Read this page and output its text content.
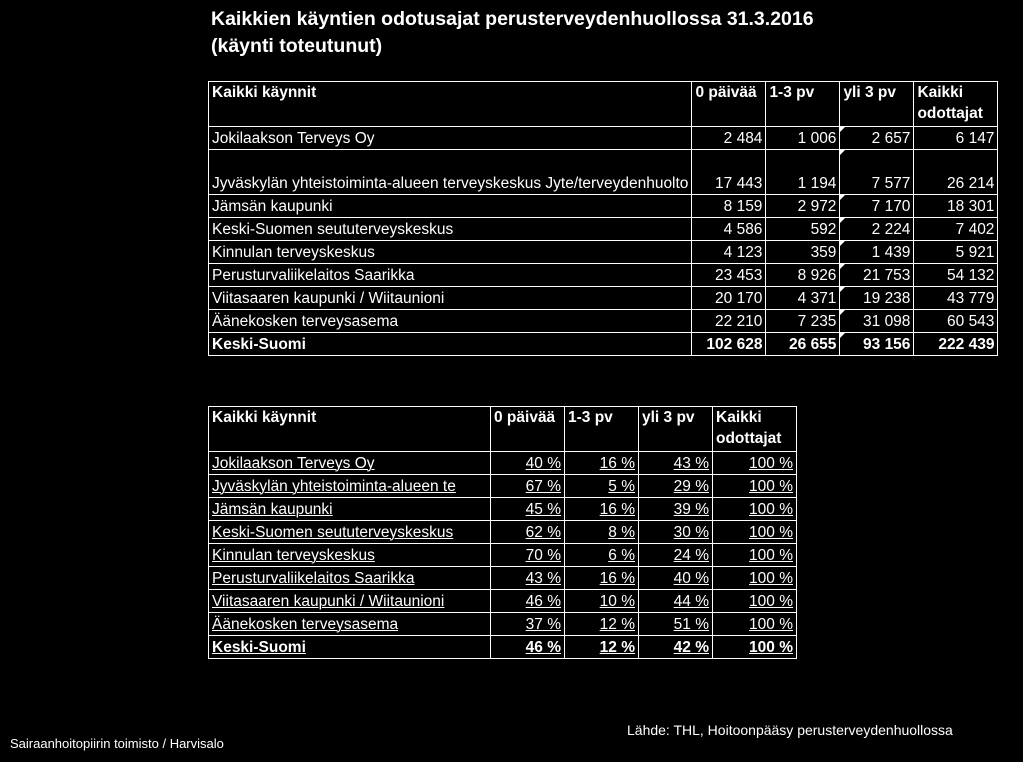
Kaikkien käyntien odotusajat perusterveydenhuollossa 31.3.2016
(käynti toteutunut)
Kaikki käynnit	0 päivää	1-3 pv	yli 3 pv	Kaikki
odottajat
Jokilaakson Terveys Oy	2 484	1 006	2 657	6 147
Jyväskylän yhteistoiminta-alueen terveyskeskus Jyte/terveydenhuolto	17 443	1 194	7 577	26 214
Jämsän kaupunki	8 159	2 972	7 170	18 301
Keski-Suomen seututerveyskeskus	4 586	592	2 224	7 402
Kinnulan terveyskeskus	4 123	359	1 439	5 921
Perusturvaliikelaitos Saarikka	23 453	8 926	21 753	54 132
Viitasaaren kaupunki / Wiitaunioni	20 170	4 371	19 238	43 779
Äänekosken terveysasema	22 210	7 235	31 098	60 543
Keski-Suomi	102 628	26 655	93 156	222 439
Kaikki käynnit	0 päivää	1-3 pv	yli 3 pv	Kaikki
odottajat
Jokilaakson Terveys Oy	40 %	16 %	43 %	100 %
Jyväskylän yhteistoiminta-alueen te	67 %	5 %	29 %	100 %
Jämsän kaupunki	45 %	16 %	39 %	100 %
Keski-Suomen seututerveyskeskus	62 %	8 %	30 %	100 %
Kinnulan terveyskeskus	70 %	6 %	24 %	100 %
Perusturvaliikelaitos Saarikka	43 %	16 %	40 %	100 %
Viitasaaren kaupunki / Wiitaunioni	46 %	10 %	44 %	100 %
Äänekosken terveysasema	37 %	12 %	51 %	100 %
Keski-Suomi	46 %	12 %	42 %	100 %
Lähde: THL, Hoitoonpääsy perusterveydenhuollossa
Sairaanhoitopiirin toimisto / Harvisalo
